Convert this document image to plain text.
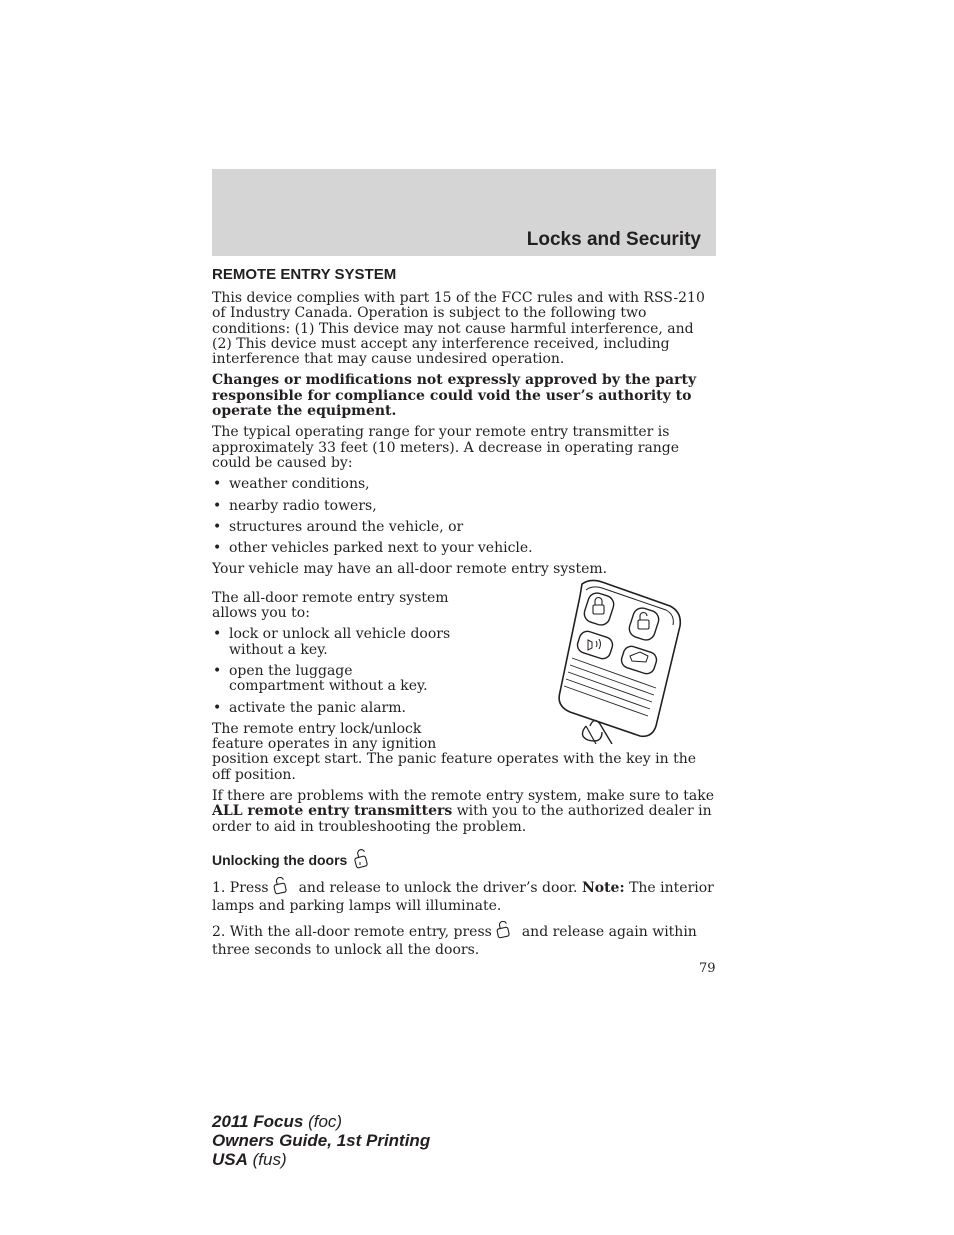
Locks and Security
REMOTE ENTRY SYSTEM

This device complies with part 15 of the FCC rules and with RSS-210 of Industry Canada. Operation is subject to the following two conditions: (1) This device may not cause harmful interference, and (2) This device must accept any interference received, including interference that may cause undesired operation.

Changes or modifications not expressly approved by the party responsible for compliance could void the user’s authority to operate the equipment.

The typical operating range for your remote entry transmitter is approximately 33 feet (10 meters). A decrease in operating range could be caused by:

• weather conditions,
• nearby radio towers,
• structures around the vehicle, or
• other vehicles parked next to your vehicle.

Your vehicle may have an all-door remote entry system.

The all-door remote entry system allows you to:

• lock or unlock all vehicle doors without a key.
• open the luggage compartment without a key.
• activate the panic alarm.

The remote entry lock/unlock feature operates in any ignition

position except start. The panic feature operates with the key in the off position.

If there are problems with the remote entry system, make sure to take ALL remote entry transmitters with you to the authorized dealer in order to aid in troubleshooting the problem.

Unlocking the doors

1. Press and release to unlock the driver’s door. Note: The interior lamps and parking lamps will illuminate.

2. With the all-door remote entry, press and release again within three seconds to unlock all the doors.

79
2011 Focus (foc)
Owners Guide, 1st Printing
USA (fus)
